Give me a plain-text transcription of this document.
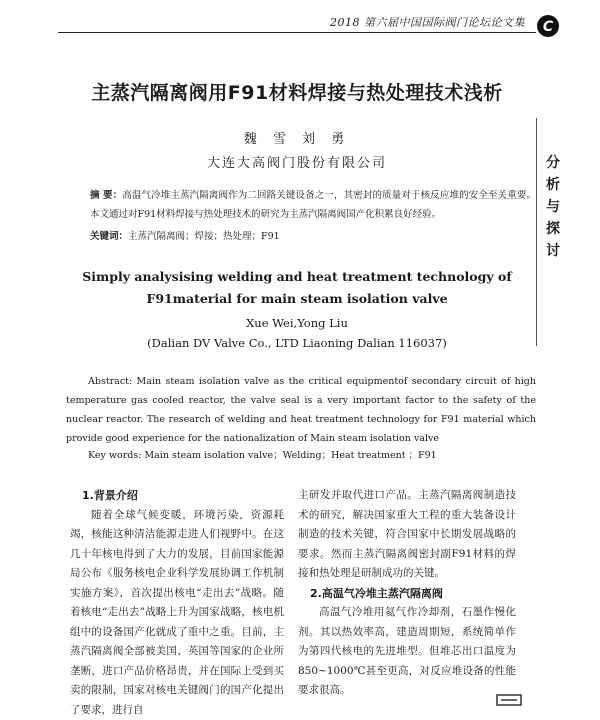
2018 第六届中国国际阀门论坛论文集	C
分
析
与
探
讨
主蒸汽隔离阀用F91材料焊接与热处理技术浅析
魏 雪 刘 勇
大连大高阀门股份有限公司
摘 要：高温气冷堆主蒸汽隔离阀作为二回路关键设备之一，其密封的质量对于核反应堆的安全至关重要。本文通过对F91材料焊接与热处理技术的研究为主蒸汽隔离阀国产化积累良好经验。
关键词：主蒸汽隔离阀；焊接；热处理；F91
Simply analysising welding and heat treatment technology of F91material for main steam isolation valve
Xue Wei,Yong Liu
(Dalian DV Valve Co., LTD Liaoning Dalian 116037)
Abstract: Main steam isolation valve as the critical equipmentof secondary circuit of high temperature gas cooled reactor, the valve seal is a very important factor to the safety of the nuclear reactor. The research of welding and heat treatment technology for F91 material which provide good experience for the nationalization of Main steam isolation valve
Key words: Main steam isolation valve；Welding；Heat treatment ；F91
1.背景介绍
随着全球气候变暖，环境污染，资源耗竭，核能这种清洁能源走进人们视野中。在这几十年核电得到了大力的发展，目前国家能源局公布《服务核电企业科学发展协调工作机制实施方案》，首次提出核电“走出去”战略。随着核电“走出去”战略上升为国家战略，核电机组中的设备国产化就成了重中之重。目前，主蒸汽隔离阀全部被美国、英国等国家的企业所垄断，进口产品价格昂贵，并在国际上受到买卖的限制，国家对核电关键阀门的国产化提出了要求，进行自
主研发并取代进口产品。主蒸汽隔离阀制造技术的研究，解决国家重大工程的重大装备设计制造的技术关键，符合国家中长期发展战略的要求。然而主蒸汽隔离阀密封副F91材料的焊接和热处理是研制成功的关键。
2.高温气冷堆主蒸汽隔离阀
高温气冷堆用氦气作冷却剂，石墨作慢化剂。其以热效率高，建造周期短，系统简单作为第四代核电的先进堆型。但堆芯出口温度为850~1000℃甚至更高，对反应堆设备的性能要求很高。
